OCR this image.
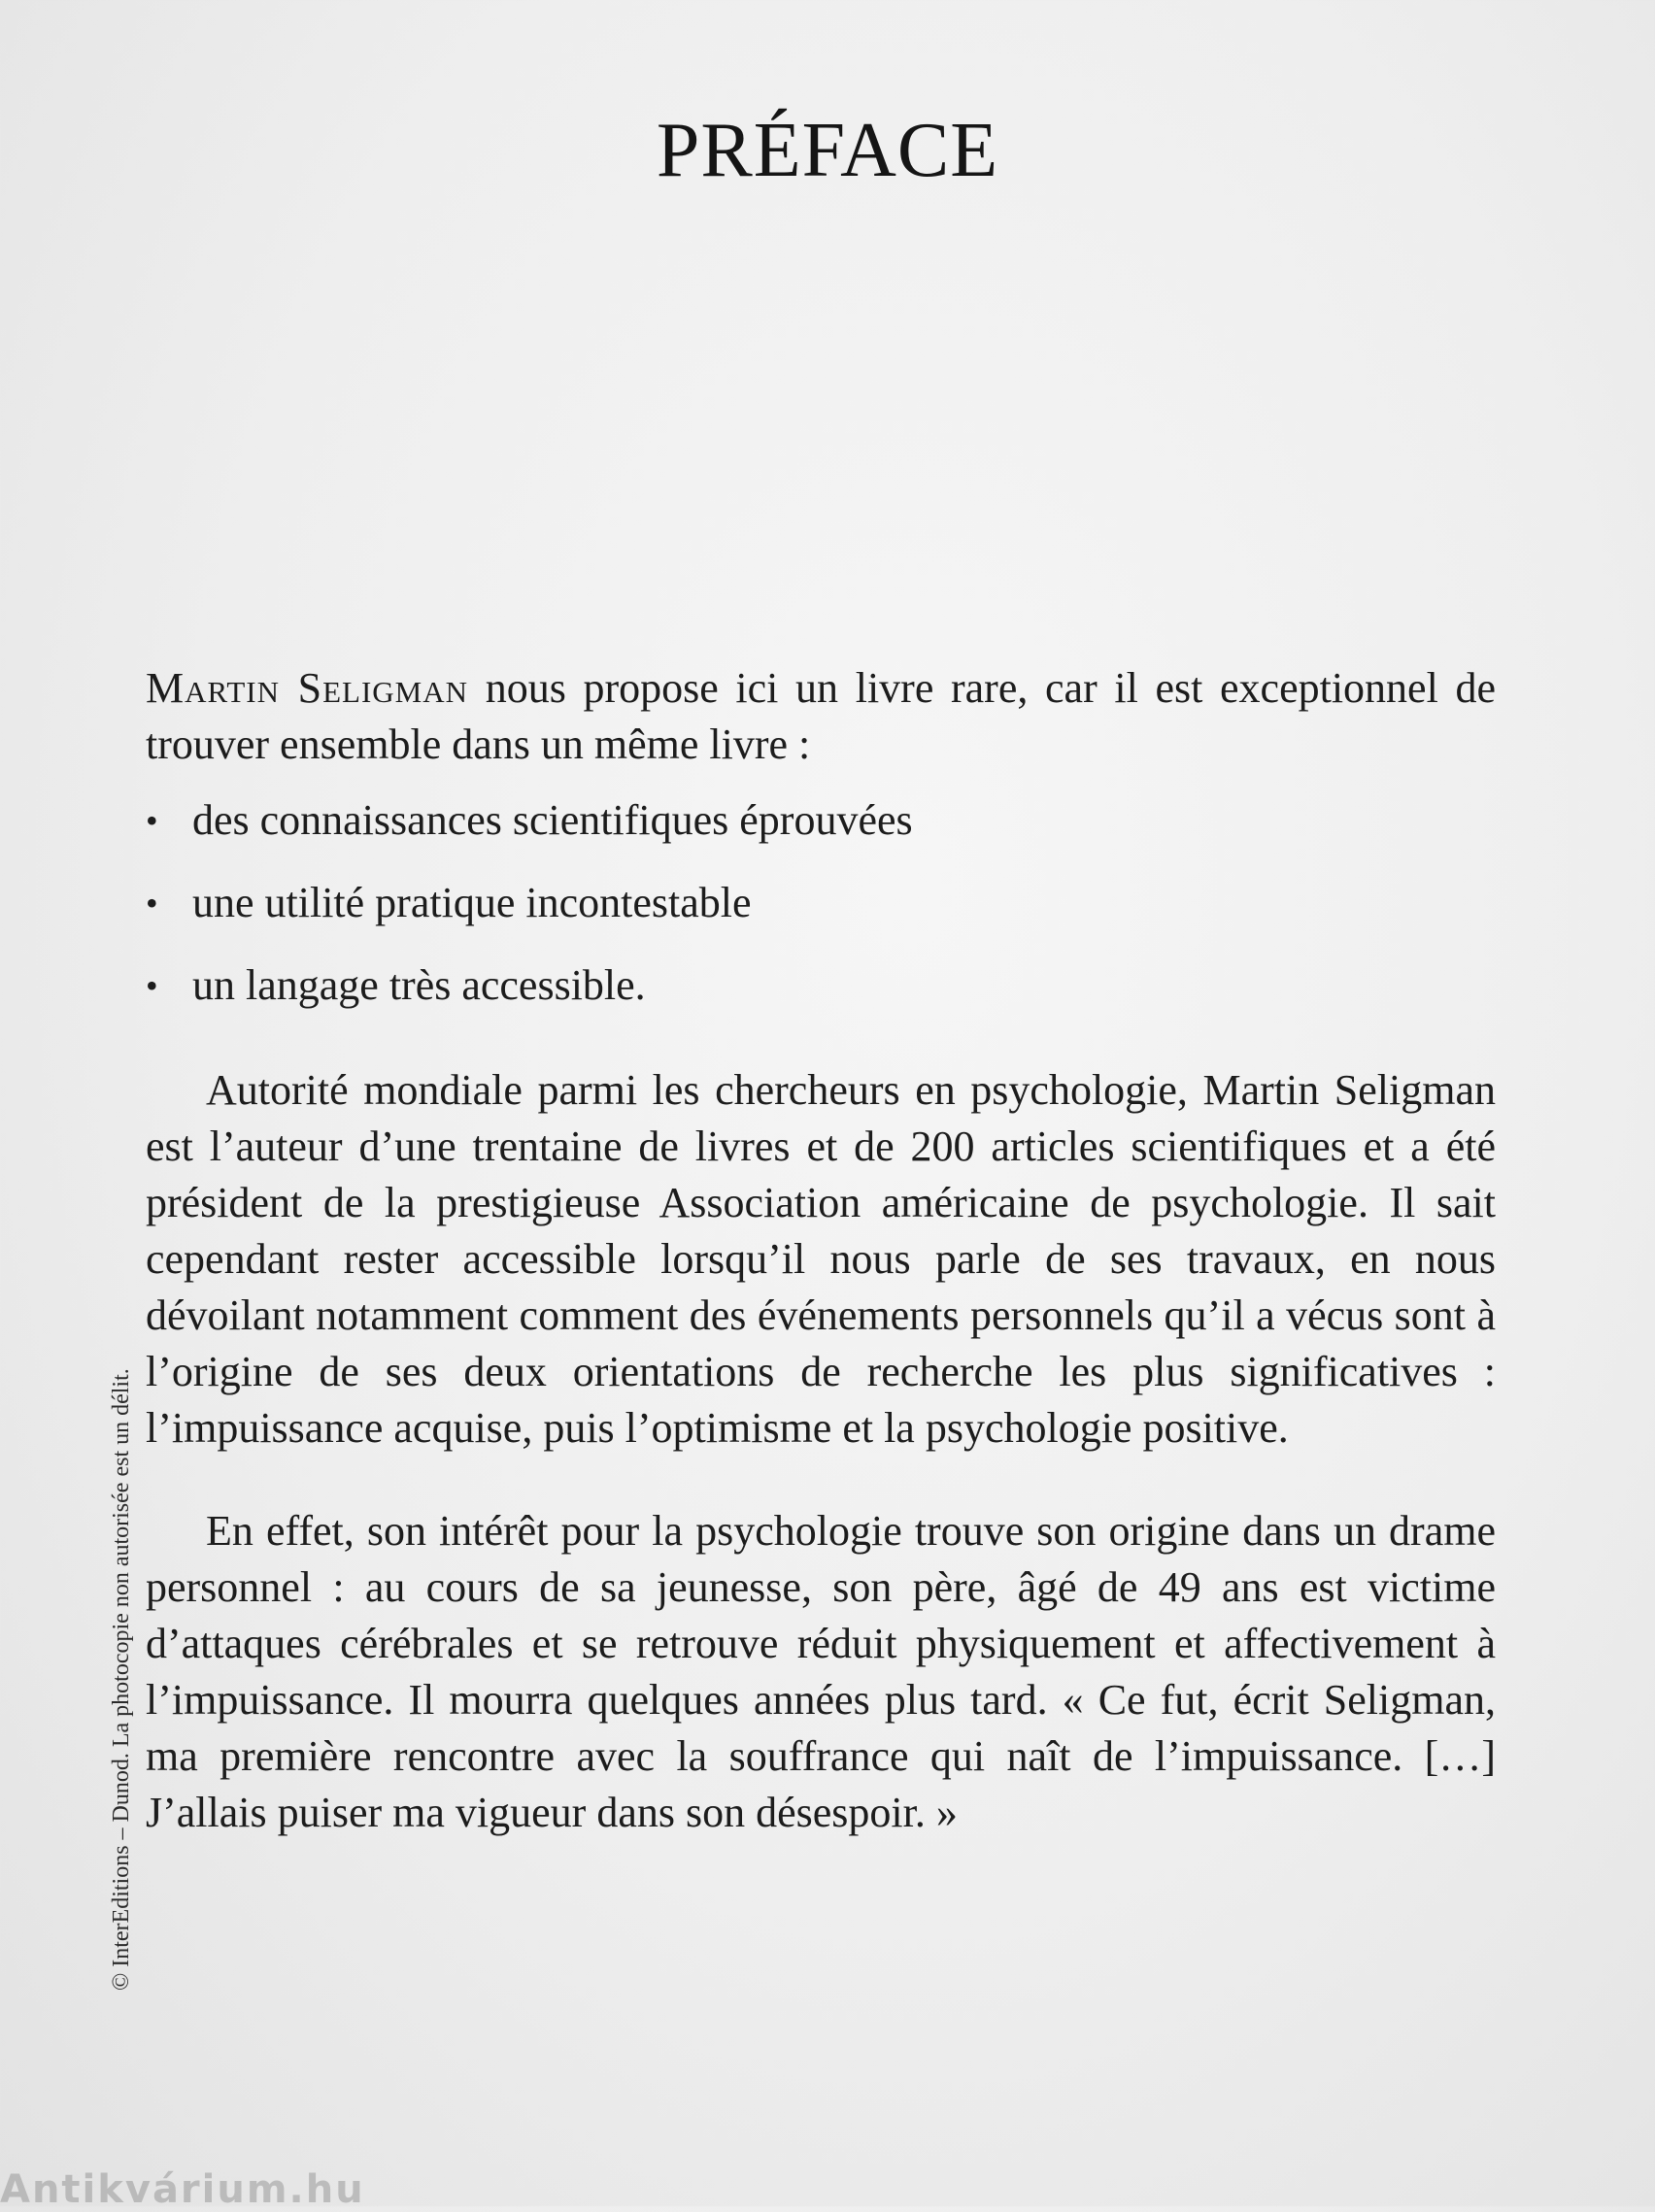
PRÉFACE

Martin Seligman nous propose ici un livre rare, car il est exceptionnel de trouver ensemble dans un même livre :

• des connaissances scientifiques éprouvées
• une utilité pratique incontestable
• un langage très accessible.

Autorité mondiale parmi les chercheurs en psychologie, Martin Seligman est l’auteur d’une trentaine de livres et de 200 articles scientifiques et a été président de la prestigieuse Association américaine de psychologie. Il sait cependant rester accessible lorsqu’il nous parle de ses travaux, en nous dévoilant notamment comment des événements personnels qu’il a vécus sont à l’origine de ses deux orientations de recherche les plus significatives : l’impuissance acquise, puis l’optimisme et la psychologie positive.

En effet, son intérêt pour la psychologie trouve son origine dans un drame personnel : au cours de sa jeunesse, son père, âgé de 49 ans est victime d’attaques cérébrales et se retrouve réduit physiquement et affectivement à l’impuissance. Il mourra quelques années plus tard. « Ce fut, écrit Seligman, ma première rencontre avec la souffrance qui naît de l’impuissance. […] J’allais puiser ma vigueur dans son désespoir. »

© InterEditions – Dunod. La photocopie non autorisée est un délit.
Antikvárium.hu
